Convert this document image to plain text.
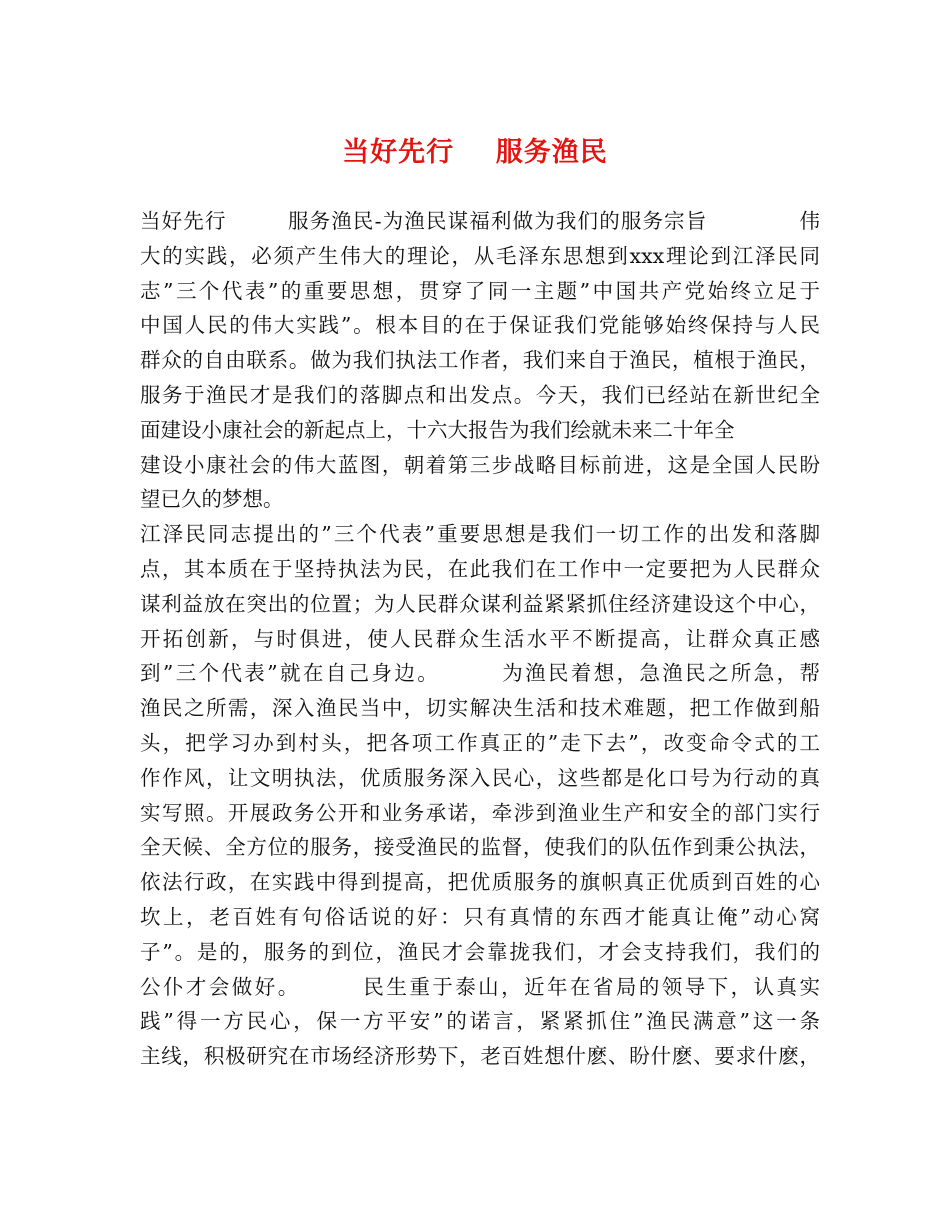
当好先行    服务渔民
当好先行        服务渔民-为渔民谋福利做为我们的服务宗旨            伟
大的实践，必须产生伟大的理论，从毛泽东思想到xxx理论到江泽民同
志”三个代表”的重要思想，贯穿了同一主题”中国共产党始终立足于
中国人民的伟大实践”。根本目的在于保证我们党能够始终保持与人民
群众的自由联系。做为我们执法工作者，我们来自于渔民，植根于渔民，
服务于渔民才是我们的落脚点和出发点。今天，我们已经站在新世纪全
面建设小康社会的新起点上，十六大报告为我们绘就未来二十年全
建设小康社会的伟大蓝图，朝着第三步战略目标前进，这是全国人民盼
望已久的梦想。
江泽民同志提出的”三个代表”重要思想是我们一切工作的出发和落脚
点，其本质在于坚持执法为民，在此我们在工作中一定要把为人民群众
谋利益放在突出的位置；为人民群众谋利益紧紧抓住经济建设这个中心，
开拓创新，与时俱进，使人民群众生活水平不断提高，让群众真正感
到”三个代表”就在自己身边。       为渔民着想，急渔民之所急，帮
渔民之所需，深入渔民当中，切实解决生活和技术难题，把工作做到船
头，把学习办到村头，把各项工作真正的”走下去”，改变命令式的工
作作风，让文明执法，优质服务深入民心，这些都是化口号为行动的真
实写照。开展政务公开和业务承诺，牵涉到渔业生产和安全的部门实行
全天候、全方位的服务，接受渔民的监督，使我们的队伍作到秉公执法，
依法行政，在实践中得到提高，把优质服务的旗帜真正优质到百姓的心
坎上，老百姓有句俗话说的好：只有真情的东西才能真让俺”动心窝
子”。是的，服务的到位，渔民才会靠拢我们，才会支持我们，我们的
公仆才会做好。       民生重于泰山，近年在省局的领导下，认真实
践”得一方民心，保一方平安”的诺言，紧紧抓住”渔民满意”这一条
主线，积极研究在市场经济形势下，老百姓想什麽、盼什麽、要求什麽，
